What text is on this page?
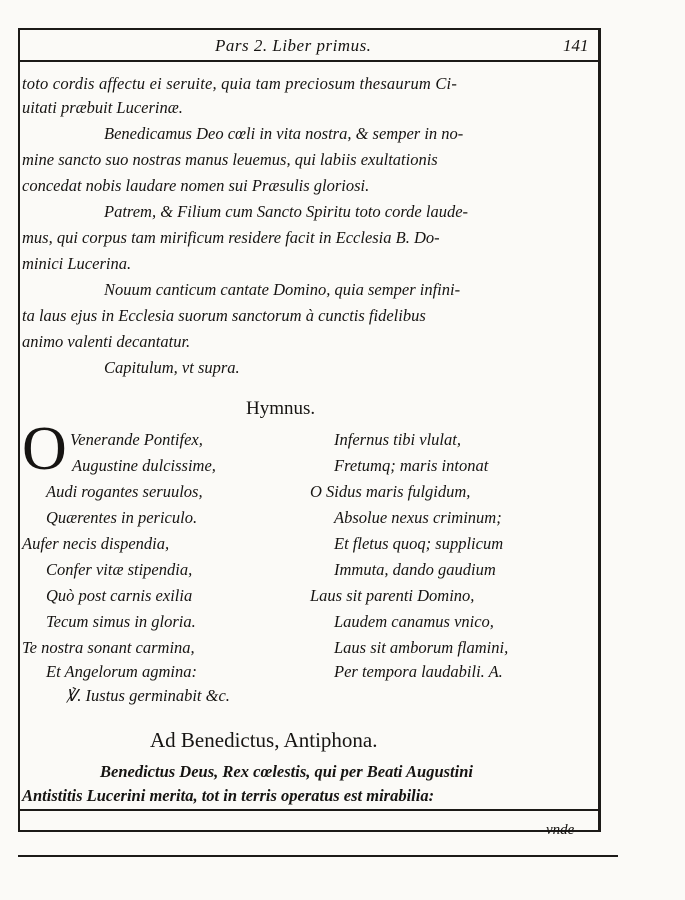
Pars 2. Liber primus.	141
toto cordis affectu ei seruite, quia tam preciosum thesaurum Ci-
uitati præbuit Lucerinæ.
Benedicamus Deo cœli in vita nostra, & semper in no-
mine sancto suo nostras manus leuemus, qui labiis exultationis
concedat nobis laudare nomen sui Præsulis gloriosi.
Patrem, & Filium cum Sancto Spiritu toto corde laude-
mus, qui corpus tam mirificum residere facit in Ecclesia B. Do-
minici Lucerina.
Nouum canticum cantate Domino, quia semper infini-
ta laus ejus in Ecclesia suorum sanctorum à cunctis fidelibus
animo valenti decantatur.
Capitulum, vt supra.
Hymnus.
O Venerande Pontifex,
Augustine dulcissime,
Audi rogantes seruulos,
Quærentes in periculo.
Aufer necis dispendia,
Confer vitæ stipendia,
Quò post carnis exilia
Tecum simus in gloria.
Te nostra sonant carmina,
Et Angelorum agmina:
℣. Iustus germinabit &c.
Infernus tibi vlulat,
Fretumq; maris intonat
O Sidus maris fulgidum,
Absolue nexus criminum;
Et fletus quoq; supplicum
Immuta, dando gaudium
Laus sit parenti Domino,
Laudem canamus vnico,
Laus sit amborum flamini,
Per tempora laudabili. A.
Ad Benedictus, Antiphona.
Benedictus Deus, Rex cœlestis, qui per Beati Augustini
Antistitis Lucerini merita, tot in terris operatus est mirabilia:
vnde
